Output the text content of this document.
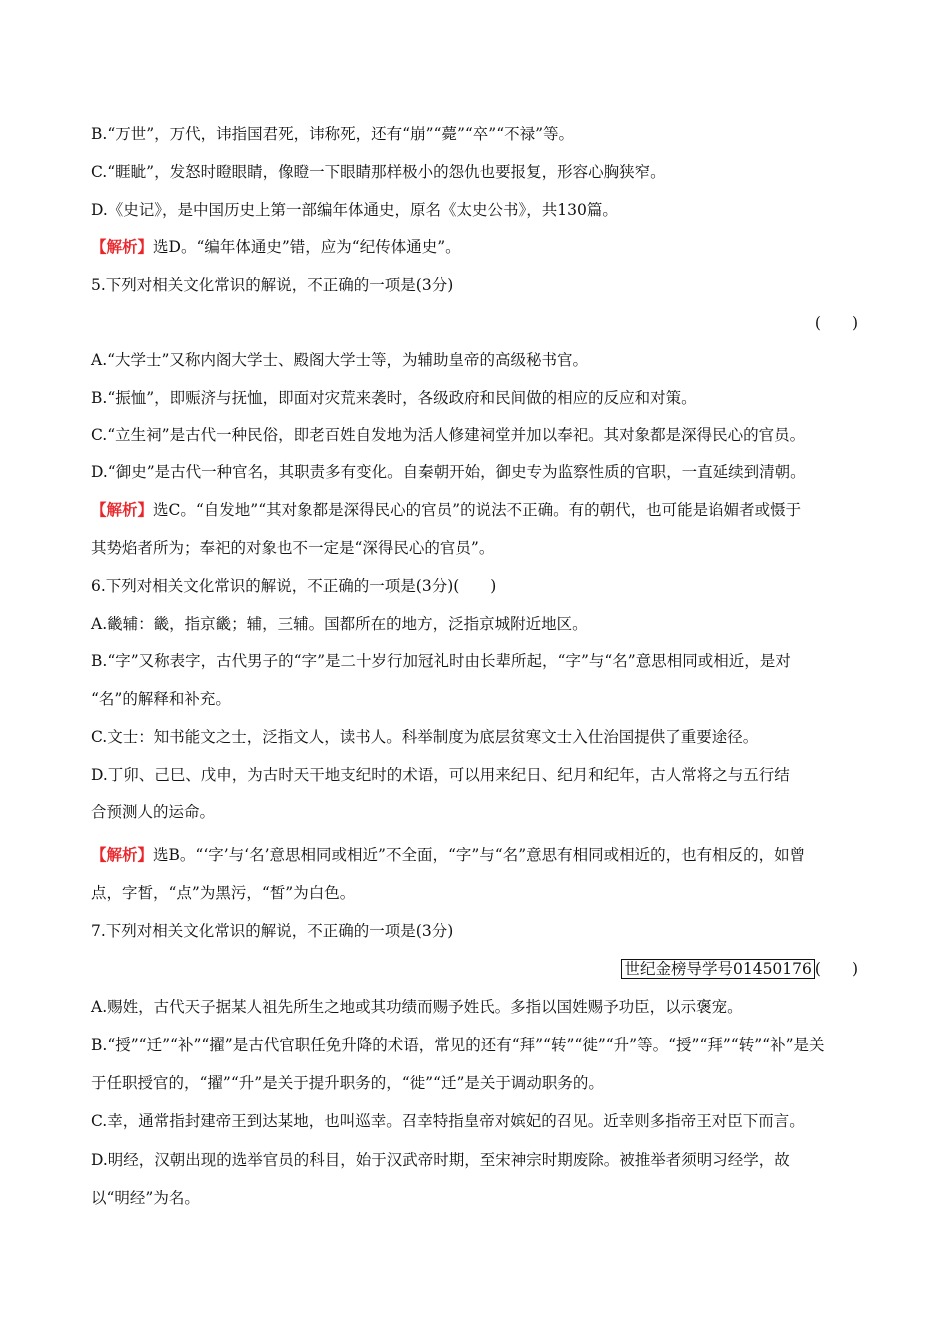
B.“万世”，万代，讳指国君死，讳称死，还有“崩”“薨”“卒”“不禄”等。
C.“睚眦”，发怒时瞪眼睛，像瞪一下眼睛那样极小的怨仇也要报复，形容心胸狭窄。
D.《史记》，是中国历史上第一部编年体通史，原名《太史公书》，共130篇。
【解析】选D。“编年体通史”错，应为“纪传体通史”。
5.下列对相关文化常识的解说，不正确的一项是(3分)
(　　)
A.“大学士”又称内阁大学士、殿阁大学士等，为辅助皇帝的高级秘书官。
B.“振恤”，即赈济与抚恤，即面对灾荒来袭时，各级政府和民间做的相应的反应和对策。
C.“立生祠”是古代一种民俗，即老百姓自发地为活人修建祠堂并加以奉祀。其对象都是深得民心的官员。
D.“御史”是古代一种官名，其职责多有变化。自秦朝开始，御史专为监察性质的官职，一直延续到清朝。
【解析】选C。“自发地”“其对象都是深得民心的官员”的说法不正确。有的朝代，也可能是谄媚者或慑于
其势焰者所为；奉祀的对象也不一定是“深得民心的官员”。
6.下列对相关文化常识的解说，不正确的一项是(3分)(　　)
A.畿辅：畿，指京畿；辅，三辅。国都所在的地方，泛指京城附近地区。
B.“字”又称表字，古代男子的“字”是二十岁行加冠礼时由长辈所起，“字”与“名”意思相同或相近，是对
“名”的解释和补充。
C.文士：知书能文之士，泛指文人，读书人。科举制度为底层贫寒文士入仕治国提供了重要途径。
D.丁卯、己巳、戊申，为古时天干地支纪时的术语，可以用来纪日、纪月和纪年，古人常将之与五行结
合预测人的运命。
【解析】选B。“‘字’与‘名’意思相同或相近”不全面，“字”与“名”意思有相同或相近的，也有相反的，如曾
点，字皙，“点”为黑污，“皙”为白色。
7.下列对相关文化常识的解说，不正确的一项是(3分)
世纪金榜导学号01450176 (　　)
A.赐姓，古代天子据某人祖先所生之地或其功绩而赐予姓氏。多指以国姓赐予功臣，以示褒宠。
B.“授”“迁”“补”“擢”是古代官职任免升降的术语，常见的还有“拜”“转”“徙”“升”等。“授”“拜”“转”“补”是关
于任职授官的，“擢”“升”是关于提升职务的，“徙”“迁”是关于调动职务的。
C.幸，通常指封建帝王到达某地，也叫巡幸。召幸特指皇帝对嫔妃的召见。近幸则多指帝王对臣下而言。
D.明经，汉朝出现的选举官员的科目，始于汉武帝时期，至宋神宗时期废除。被推举者须明习经学，故
以“明经”为名。
